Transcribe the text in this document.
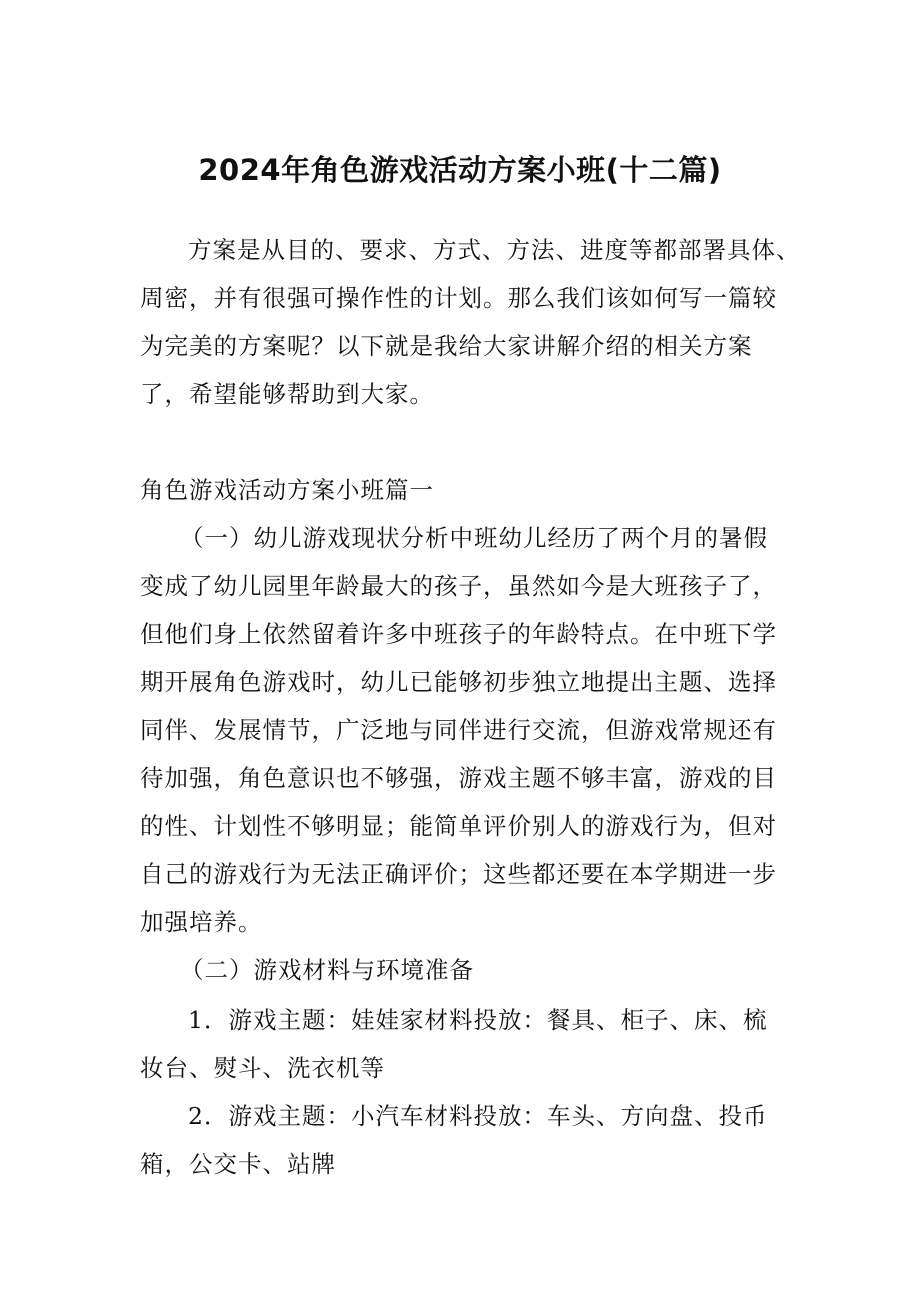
2024年角色游戏活动方案小班(十二篇)
方案是从目的、要求、方式、方法、进度等都部署具体、
周密，并有很强可操作性的计划。那么我们该如何写一篇较
为完美的方案呢？以下就是我给大家讲解介绍的相关方案
了，希望能够帮助到大家。
角色游戏活动方案小班篇一
（一）幼儿游戏现状分析中班幼儿经历了两个月的暑假
变成了幼儿园里年龄最大的孩子，虽然如今是大班孩子了，
但他们身上依然留着许多中班孩子的年龄特点。在中班下学
期开展角色游戏时，幼儿已能够初步独立地提出主题、选择
同伴、发展情节，广泛地与同伴进行交流，但游戏常规还有
待加强，角色意识也不够强，游戏主题不够丰富，游戏的目
的性、计划性不够明显；能简单评价别人的游戏行为，但对
自己的游戏行为无法正确评价；这些都还要在本学期进一步
加强培养。
（二）游戏材料与环境准备
1．游戏主题：娃娃家材料投放：餐具、柜子、床、梳
妆台、熨斗、洗衣机等
2．游戏主题：小汽车材料投放：车头、方向盘、投币
箱，公交卡、站牌
